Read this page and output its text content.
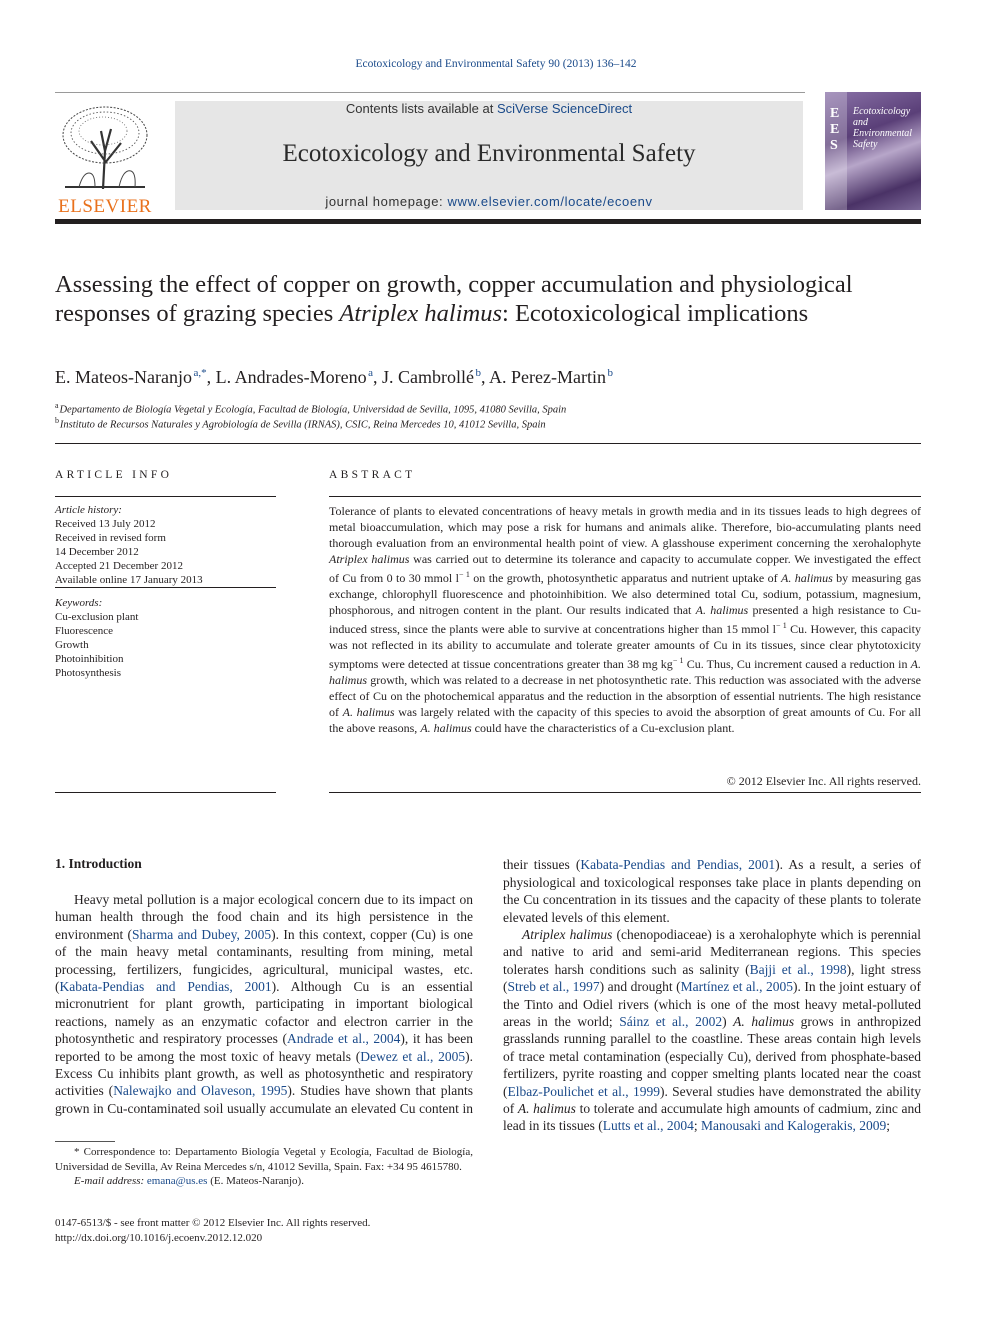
Ecotoxicology and Environmental Safety 90 (2013) 136–142
ELSEVIER
Contents lists available at SciVerse ScienceDirect
Ecotoxicology and Environmental Safety
journal homepage: www.elsevier.com/locate/ecoenv
E
E
S
Ecotoxicology
and
Environmental
Safety
Assessing the effect of copper on growth, copper accumulation and physiological responses of grazing species Atriplex halimus: Ecotoxicological implications
E. Mateos-Naranjo  $^{a,*}$, L. Andrades-Moreno  $^a$, J. Cambrollé  $^b$, A. Perez-Martin  $^b$
$^a$ Departamento de Biología Vegetal y Ecología, Facultad de Biología, Universidad de Sevilla, 1095, 41080 Sevilla, Spain
$^b$ Instituto de Recursos Naturales y Agrobiología de Sevilla (IRNAS), CSIC, Reina Mercedes 10, 41012 Sevilla, Spain
ARTICLE INFO
Article history:
Received 13 July 2012
Received in revised form
14 December 2012
Accepted 21 December 2012
Available online 17 January 2013
Keywords:
Cu-exclusion plant
Fluorescence
Growth
Photoinhibition
Photosynthesis
ABSTRACT
Tolerance of plants to elevated concentrations of heavy metals in growth media and in its tissues leads to high degrees of metal bioaccumulation, which may pose a risk for humans and animals alike. Therefore, bio-accumulating plants need thorough evaluation from an environmental health point of view. A glasshouse experiment concerning the xerohalophyte Atriplex halimus was carried out to determine its tolerance and capacity to accumulate copper. We investigated the effect of Cu from 0 to 30 mmol $l^{- 1}$ on the growth, photosynthetic apparatus and nutrient uptake of A. halimus by measuring gas exchange, chlorophyll fluorescence and photoinhibition. We also determined total Cu, sodium, potassium, magnesium, phosphorous, and nitrogen content in the plant. Our results indicated that A. halimus presented a high resistance to Cu-induced stress, since the plants were able to survive at concentrations higher than 15 mmol $l^{- 1}$ Cu. However, this capacity was not reflected in its ability to accumulate and tolerate greater amounts of Cu in its tissues, since clear phytotoxicity symptoms were detected at tissue concentrations greater than 38 mg $kg^{- 1}$ Cu. Thus, Cu increment caused a reduction in A. halimus growth, which was related to a decrease in net photosynthetic rate. This reduction was associated with the adverse effect of Cu on the photochemical apparatus and the reduction in the absorption of essential nutrients. The high resistance of A. halimus was largely related with the capacity of this species to avoid the absorption of great amounts of Cu. For all the above reasons, A. halimus could have the characteristics of a Cu-exclusion plant.
© 2012 Elsevier Inc. All rights reserved.
1. Introduction

Heavy metal pollution is a major ecological concern due to its impact on human health through the food chain and its high persistence in the environment (Sharma and Dubey, 2005). In this context, copper (Cu) is one of the main heavy metal contaminants, resulting from mining, metal processing, fertilizers, fungicides, agricultural, municipal wastes, etc. (Kabata-Pendias and Pendias, 2001). Although Cu is an essential micronutrient for plant growth, participating in important biological reactions, namely as an enzymatic cofactor and electron carrier in the photosynthetic and respiratory processes (Andrade et al., 2004), it has been reported to be among the most toxic of heavy metals (Dewez et al., 2005). Excess Cu inhibits plant growth, as well as photosynthetic and respiratory activities (Nalewajko and Olaveson, 1995). Studies have shown that plants grown in Cu-contaminated soil usually accumulate an elevated Cu content in

their tissues (Kabata-Pendias and Pendias, 2001). As a result, a series of physiological and toxicological responses take place in plants depending on the Cu concentration in its tissues and the capacity of these plants to tolerate elevated levels of this element.

Atriplex halimus (chenopodiaceae) is a xerohalophyte which is perennial and native to arid and semi-arid Mediterranean regions. This species tolerates harsh conditions such as salinity (Bajji et al., 1998), light stress (Streb et al., 1997) and drought (Martínez et al., 2005). In the joint estuary of the Tinto and Odiel rivers (which is one of the most heavy metal-polluted areas in the world; Sáinz et al., 2002) A. halimus grows in anthropized grasslands running parallel to the coastline. These areas contain high levels of trace metal contamination (especially Cu), derived from phosphate-based fertilizers, pyrite roasting and copper smelting plants located near the coast (Elbaz-Poulichet et al., 1999). Several studies have demonstrated the ability of A. halimus to tolerate and accumulate high amounts of cadmium, zinc and lead in its tissues (Lutts et al., 2004; Manousaki and Kalogerakis, 2009;

* Correspondence to: Departamento Biología Vegetal y Ecología, Facultad de Biología, Universidad de Sevilla, Av Reina Mercedes s/n, 41012 Sevilla, Spain. Fax: +34 95 4615780.
E-mail address: emana@us.es (E. Mateos-Naranjo).
0147-6513/$ - see front matter © 2012 Elsevier Inc. All rights reserved.
http://dx.doi.org/10.1016/j.ecoenv.2012.12.020
